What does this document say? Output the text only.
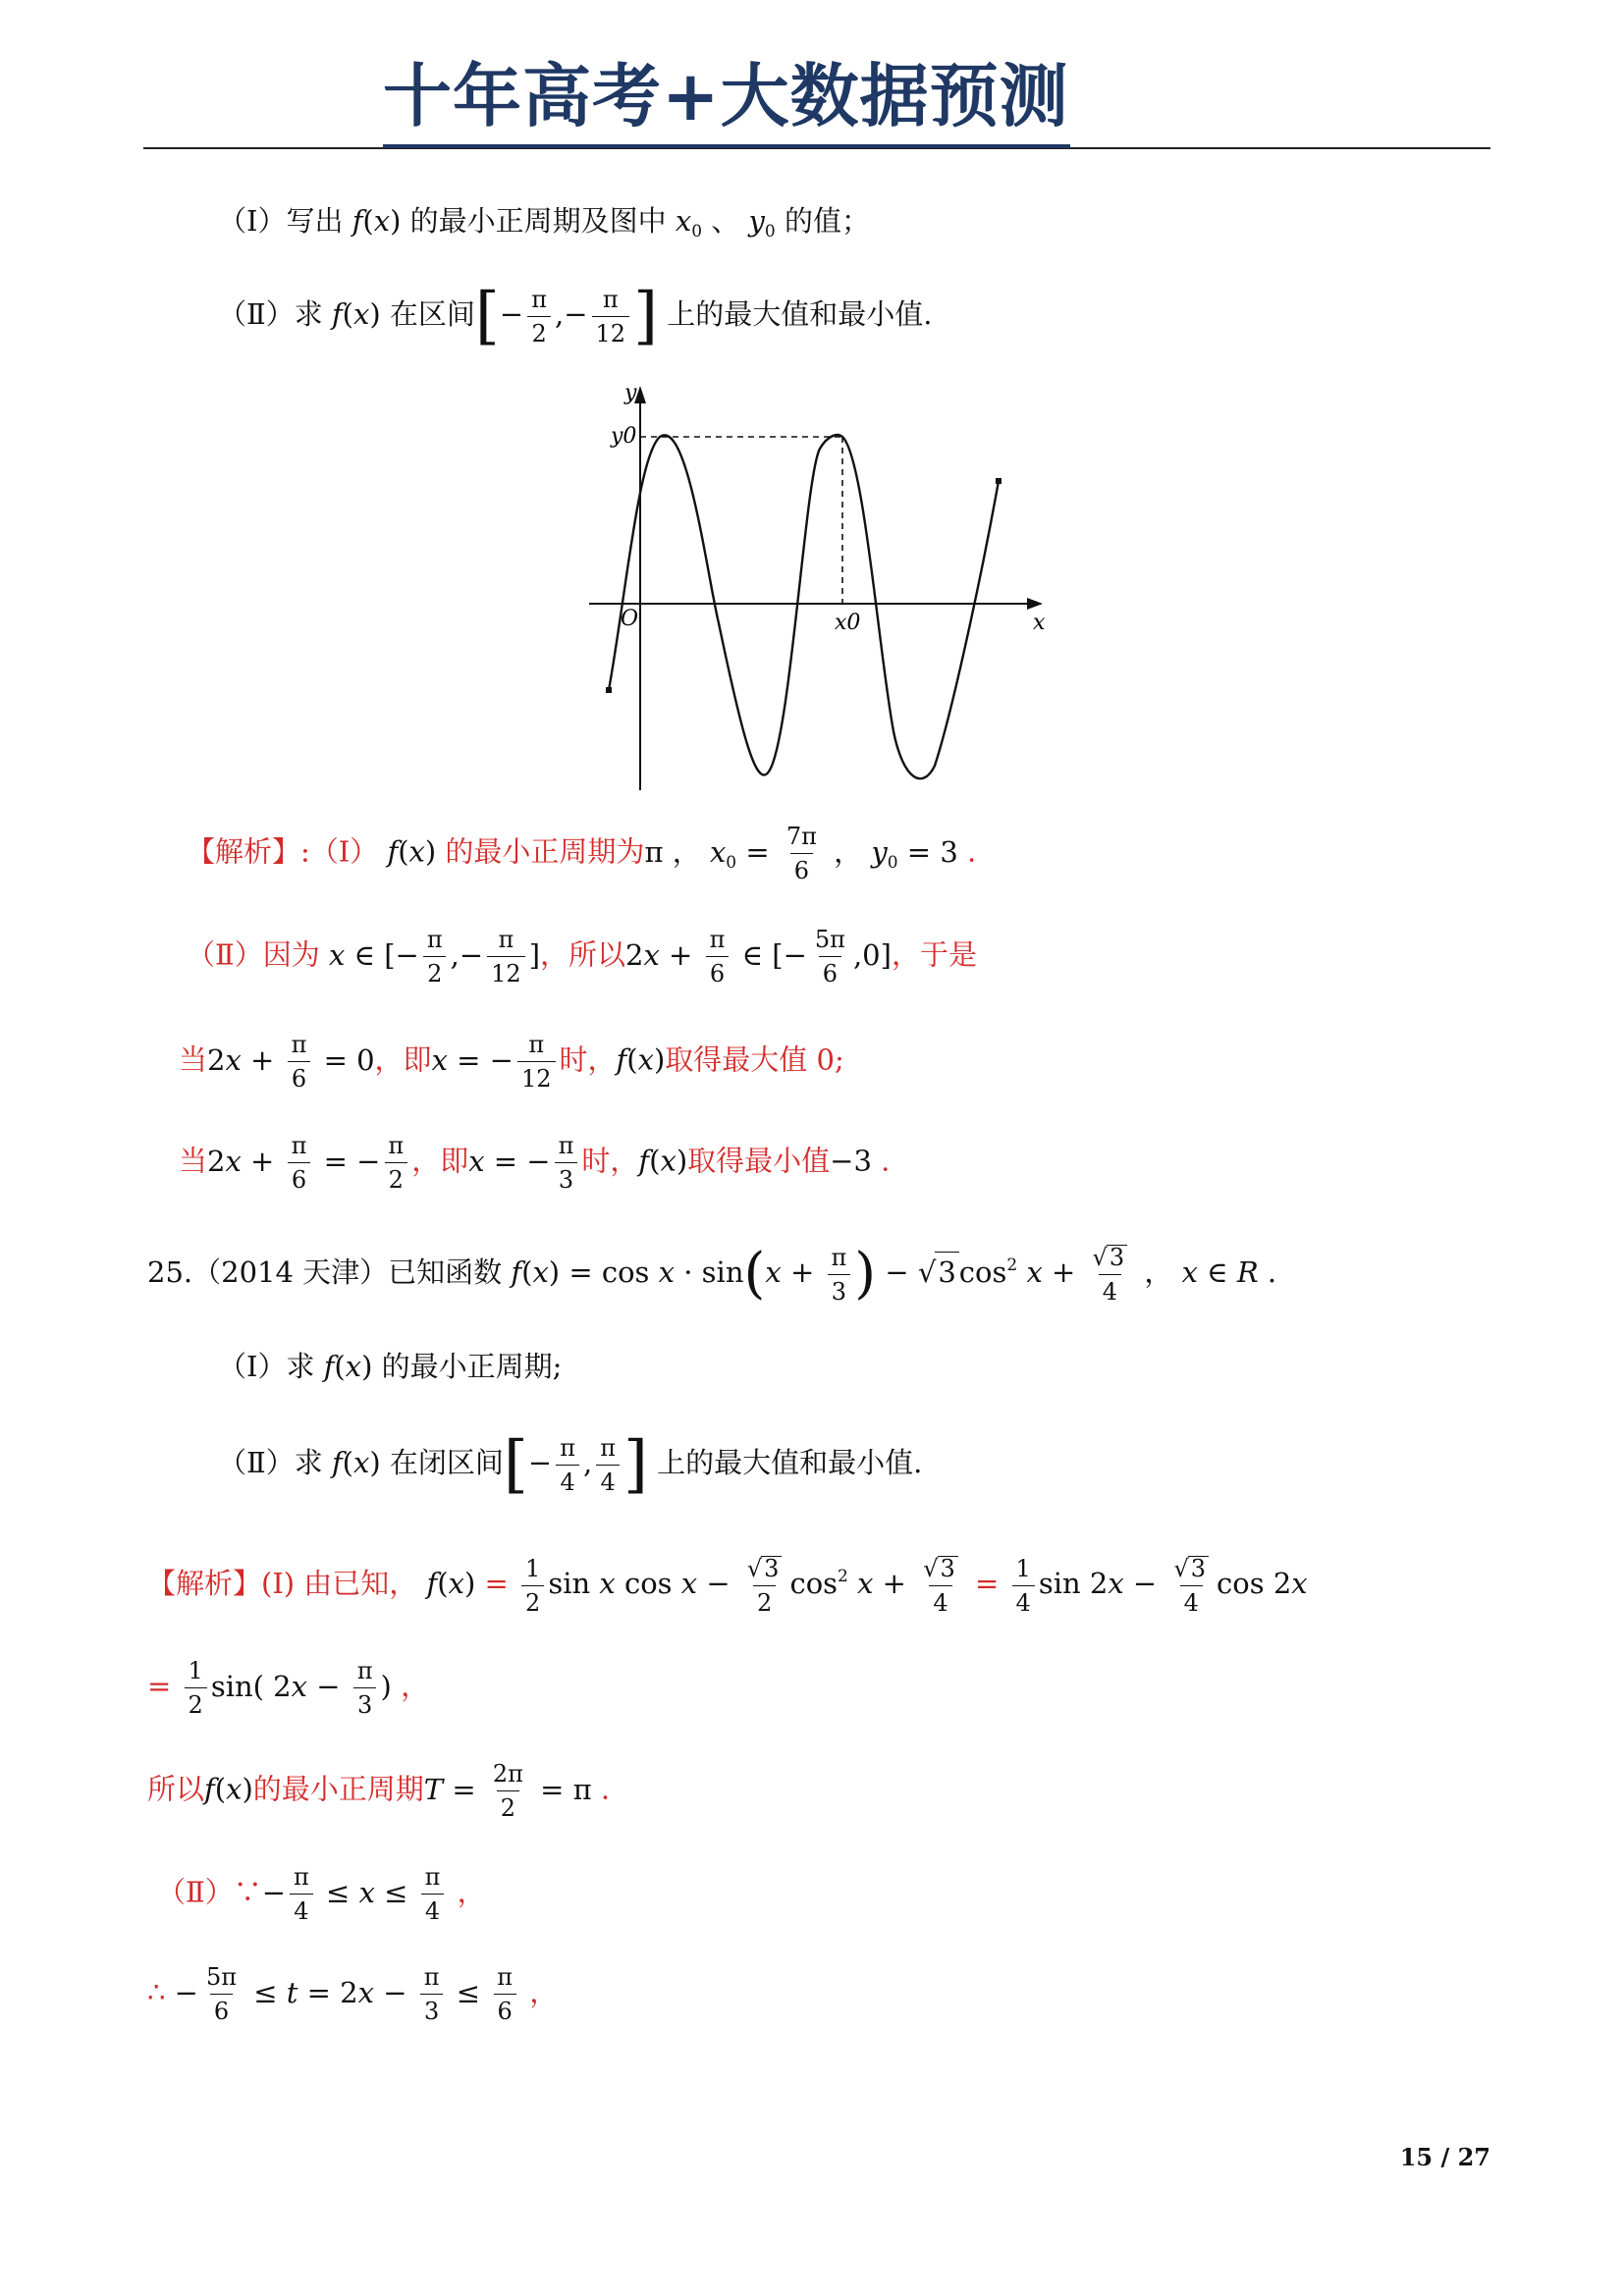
十年高考+大数据预测
（Ⅰ）写出 f(x) 的最小正周期及图中 $x_0$ 、 $y_0$ 的值；
（Ⅱ）求 f(x) 在区间[− $\frac{\pi}{2}$ ,− $\frac{\pi}{12}$ ] 上的最大值和最小值.
y
y0
x
O	x0
【解析】:（Ⅰ） f(x) 的最小正周期为π ， $x_0 = \frac{7\pi}{6}$ ， $y_0 = 3$ .
（Ⅱ）因为 x ∈ [− $\frac{\pi}{2}$ ,− $\frac{\pi}{12}$ ]，所以$2x + \frac{\pi}{6}$ ∈ [− $\frac{5\pi}{6} ,0$]，于是
当$2x + \frac{\pi}{6} = 0$，即x = − $\frac{\pi}{12}$ 时，f(x)取得最大值 0;
当$2x + \frac{\pi}{6}$ = − $\frac{\pi}{2}$ ，即x = − $\frac{\pi}{3}$ 时，f(x)取得最小值−3 .
25.（2014 天津）已知函数 $f(x) = \cos x \cdot \sin(x + \frac{\pi}{3}$ ) − √3 $\cos^2 x + \frac{√3}{4}$ ， x ∈ R .
（Ⅰ）求 f(x) 的最小正周期;
（Ⅱ）求 f(x) 在闭区间[− $\frac{\pi}{4}$ , $\frac{\pi}{4}$ ] 上的最大值和最小值.
【解析】(Ⅰ) 由已知， $f(x) = \frac{1}{2}$ sin x $\cos x - \frac{√3}{2} \cos^2 x + \frac{√3}{4} = \frac{1}{4}$ $\sin 2x - \frac{√3}{4}$ cos 2x
= $\frac{1}{2} \sin$( $2x - \frac{\pi}{3}$ ) ，
所以f(x)的最小正周期$T = \frac{2\pi}{2} = \pi$ .
（Ⅱ）∵− $\frac{\pi}{4} \le x \le \frac{\pi}{4}$ ，
∴ − $\frac{5\pi}{6} \le t = 2x - \frac{\pi}{3} \le \frac{\pi}{6}$ ，
15 / 27
